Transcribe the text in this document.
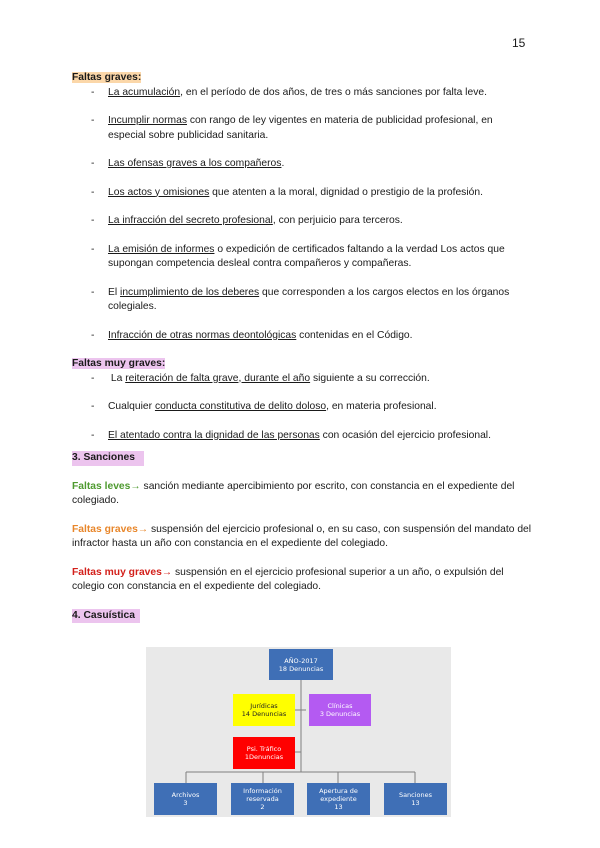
15
Faltas graves:
- La acumulación, en el período de dos años, de tres o más sanciones por falta leve.
- Incumplir normas con rango de ley vigentes en materia de publicidad profesional, en especial sobre publicidad sanitaria.
- Las ofensas graves a los compañeros.
- Los actos y omisiones que atenten a la moral, dignidad o prestigio de la profesión.
- La infracción del secreto profesional, con perjuicio para terceros.
- La emisión de informes o expedición de certificados faltando a la verdad Los actos que supongan competencia desleal contra compañeros y compañeras.
- El incumplimiento de los deberes que corresponden a los cargos electos en los órganos colegiales.
- Infracción de otras normas deontológicas contenidas en el Código.
Faltas muy graves:
-  La reiteración de falta grave, durante el año siguiente a su corrección.
- Cualquier conducta constitutiva de delito doloso, en materia profesional.
- El atentado contra la dignidad de las personas con ocasión del ejercicio profesional.
3. Sanciones

Faltas leves→ sanción mediante apercibimiento por escrito, con constancia en el expediente del colegiado.

Faltas graves→ suspensión del ejercicio profesional o, en su caso, con suspensión del mandato del infractor hasta un año con constancia en el expediente del colegiado.

Faltas muy graves→ suspensión en el ejercicio profesional superior a un año, o expulsión del colegio con constancia en el expediente del colegiado.

4. Casuística
AÑO-2017
18 Denuncias
Jurídicas
14 Denuncias
Clínicas
3 Denuncias
Psi. Tráfico
1Denuncias
Archivos
3
Información reservada
2
Apertura de expediente
13
Sanciones
13
